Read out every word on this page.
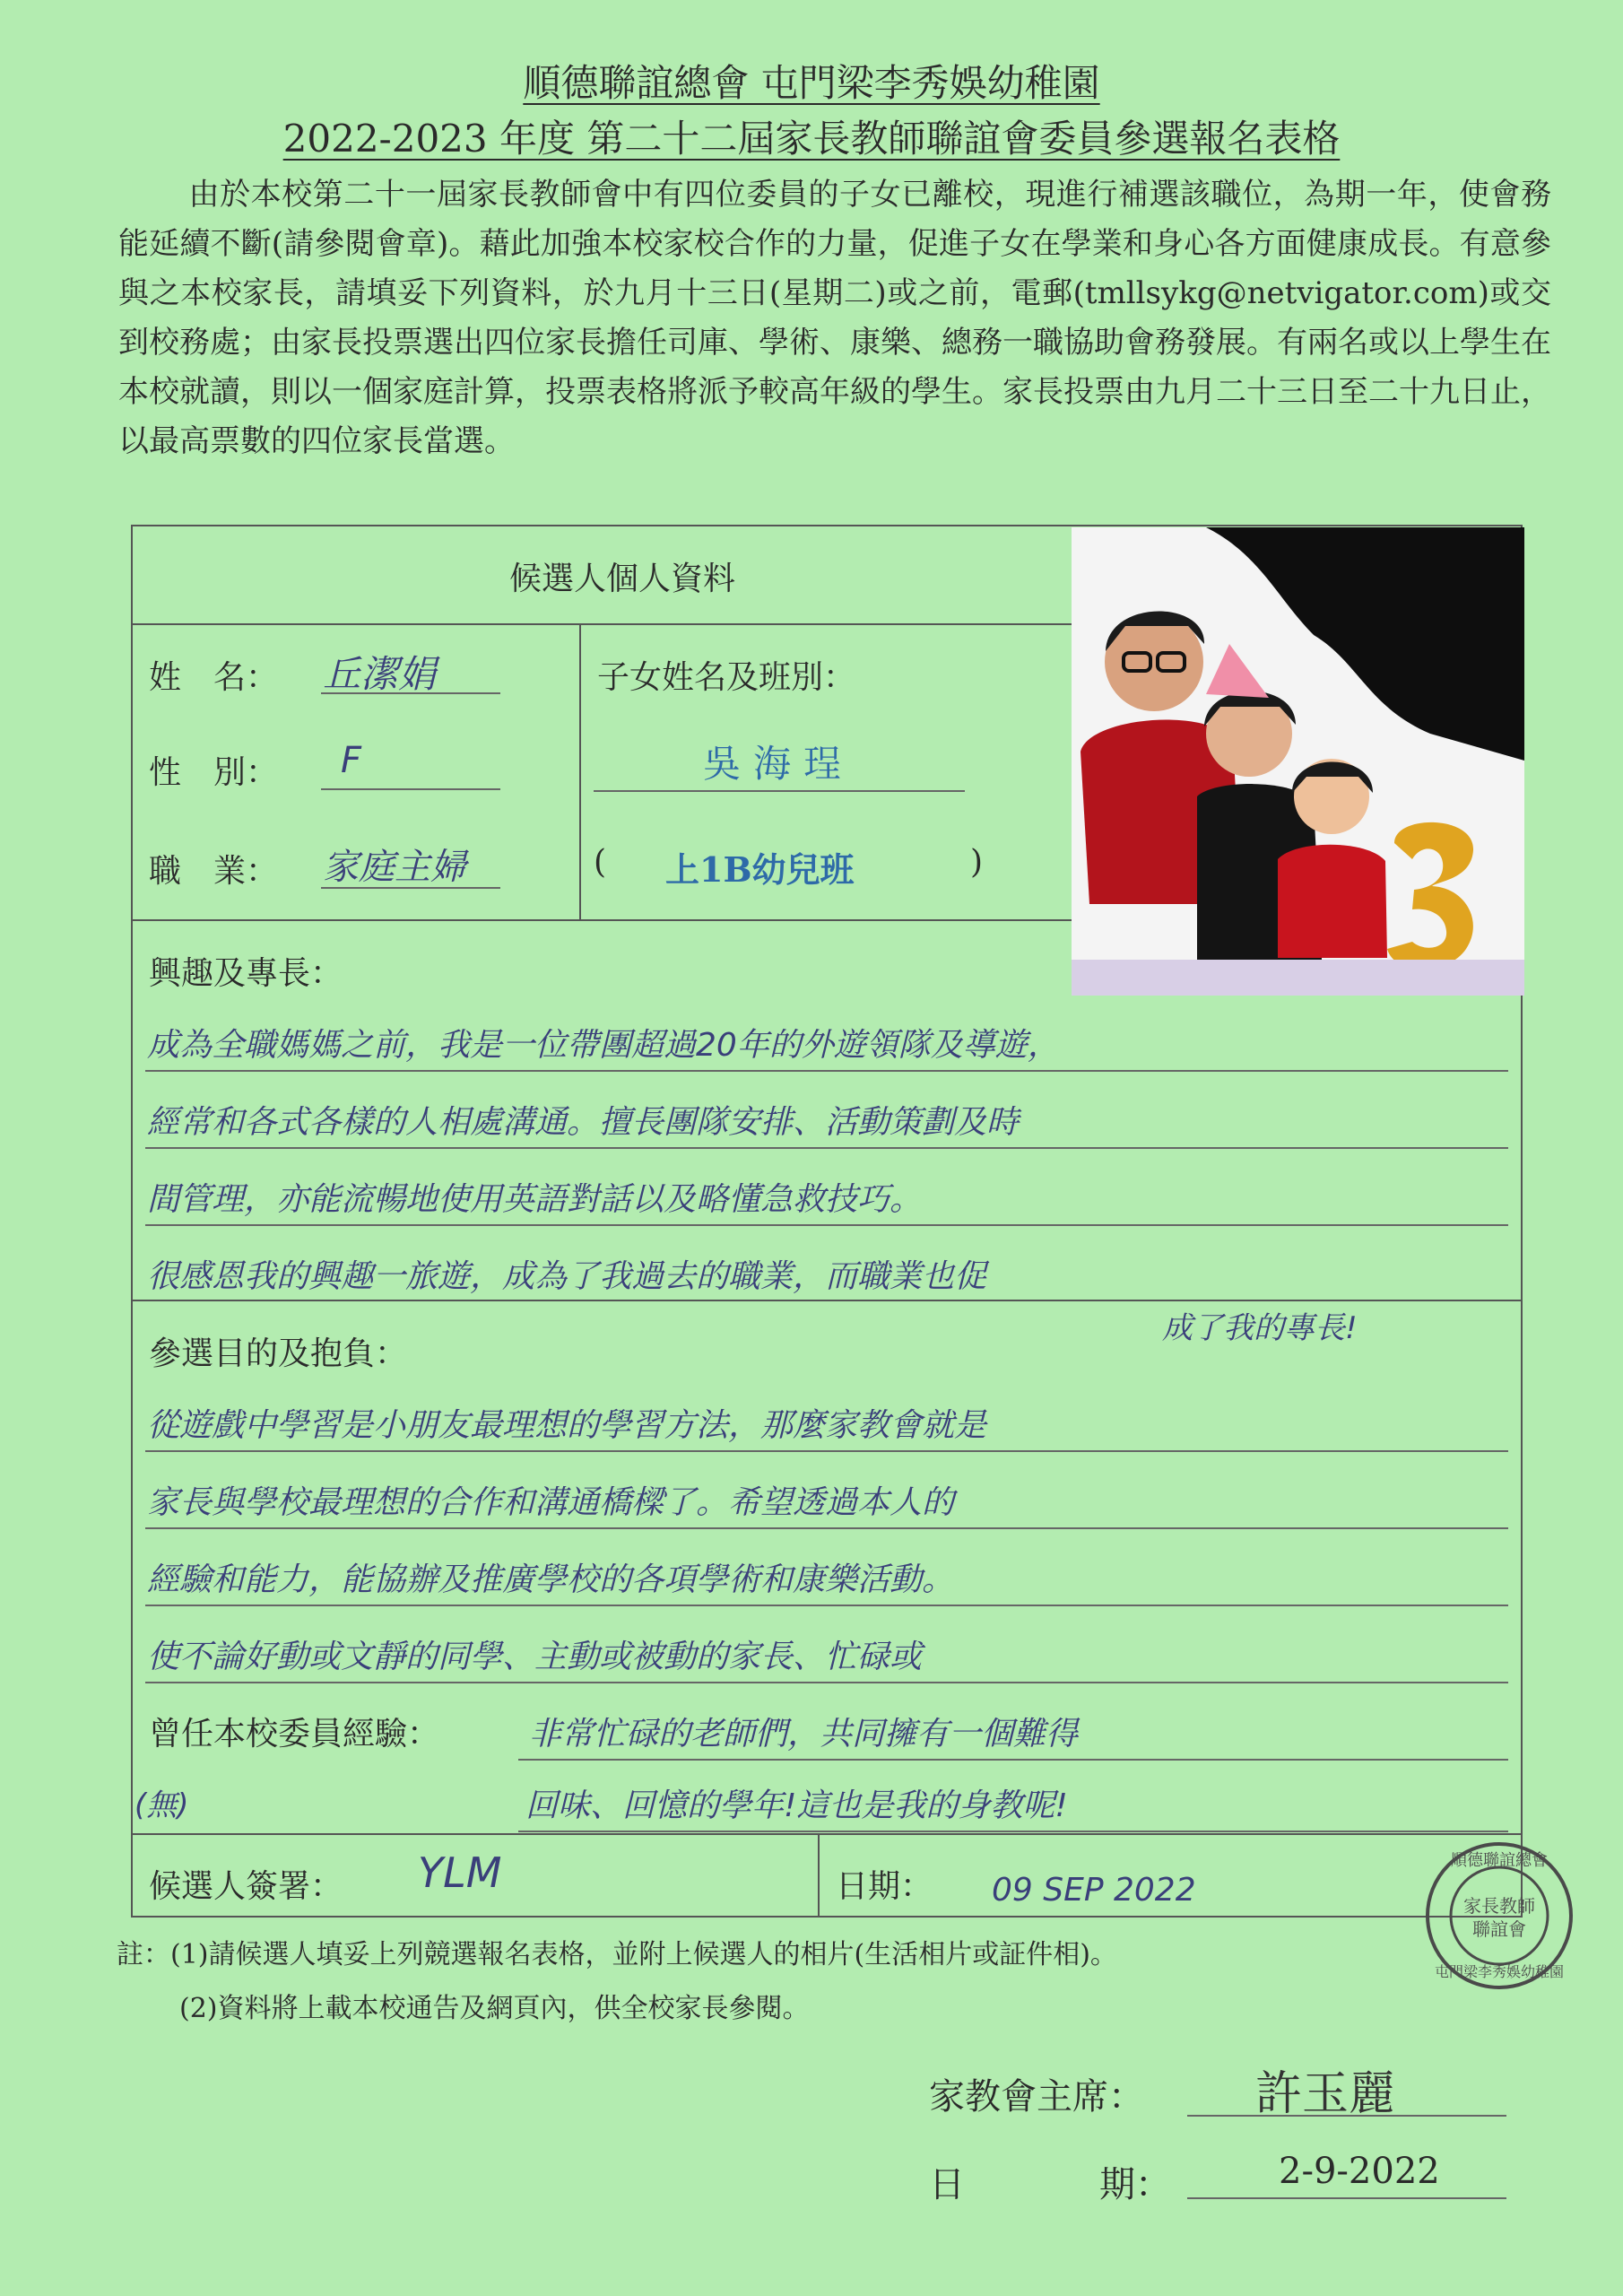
順德聯誼總會 屯門梁李秀娛幼稚園
2022-2023 年度 第二十二屆家長教師聯誼會委員參選報名表格

由於本校第二十一屆家長教師會中有四位委員的子女已離校，現進行補選該職位，為期一年，使會務能延續不斷(請參閱會章)。藉此加強本校家校合作的力量，促進子女在學業和身心各方面健康成長。有意參與之本校家長，請填妥下列資料，於九月十三日(星期二)或之前，電郵(tmllsykg@netvigator.com)或交到校務處；由家長投票選出四位家長擔任司庫、學術、康樂、總務一職協助會務發展。有兩名或以上學生在本校就讀，則以一個家庭計算，投票表格將派予較高年級的學生。家長投票由九月二十三日至二十九日止，以最高票數的四位家長當選。

候選人個人資料
姓　名： 丘潔娟
性　別： F
職　業： 家庭主婦
子女姓名及班別：
吳海珵
( 上1B幼兒班	)
興趣及專長：
成為全職媽媽之前，我是一位帶團超過20年的外遊領隊及導遊，
經常和各式各樣的人相處溝通。擅長團隊安排、活動策劃及時
間管理，亦能流暢地使用英語對話以及略懂急救技巧。
很感恩我的興趣一旅遊，成為了我過去的職業，而職業也促
成了我的專長!
參選目的及抱負：
從遊戲中學習是小朋友最理想的學習方法，那麼家教會就是
家長與學校最理想的合作和溝通橋樑了。希望透過本人的
經驗和能力，能協辦及推廣學校的各項學術和康樂活動。
使不論好動或文靜的同學、主動或被動的家長、忙碌或
曾任本校委員經驗：	非常忙碌的老師們，共同擁有一個難得
(無)	回味、回憶的學年!這也是我的身教呢!
候選人簽署： YLM	日期： 09 SEP 2022
註：(1)請候選人填妥上列競選報名表格，並附上候選人的相片(生活相片或証件相)。
(2)資料將上載本校通告及網頁內，供全校家長參閱。
順德聯誼總會
家長教師
聯誼會
屯門梁李秀娛幼稚園
家教會主席： 許玉麗
日	期：	2-9-2022
